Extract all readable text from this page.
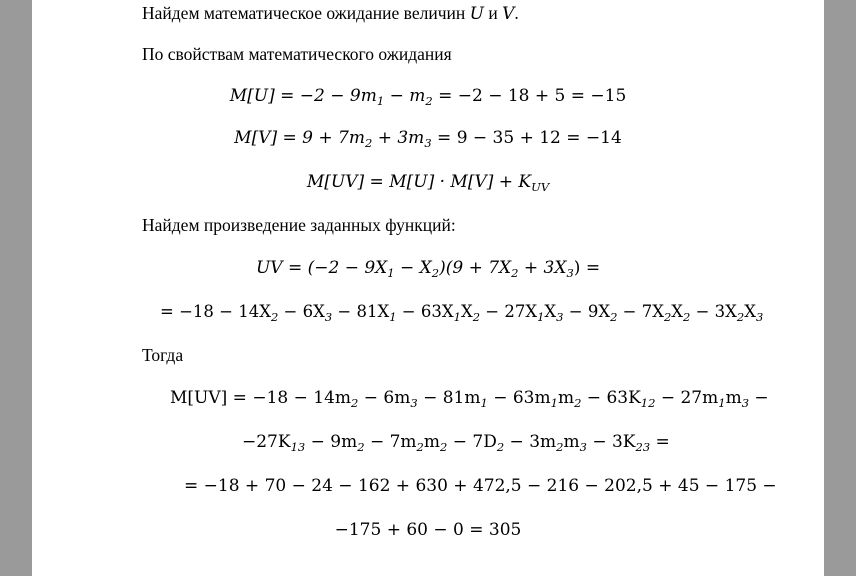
Найдем математическое ожидание величин U и V.
По свойствам математического ожидания
$M[U] = -2 - 9m_1 - m_2 = -2 - 18 + 5 = -15$
$M[V] = 9 + 7m_2 + 3m_3 = 9 - 35 + 12 = -14$
$M[UV] = M[U] \cdot M[V] + K_{UV}$
Найдем произведение заданных функций:
UV = $(-2 - 9X_1 - X_2)(9 + 7X_2 + 3X_3)$ =
= $-18 - 14X_2 - 6X_3 - 81X_1 - 63X_1X_2 - 27X_1X_3 - 9X_2 - 7X_2X_2 - 3X_2X_3$
Тогда
$M[UV] = -18 - 14m_2 - 6m_3 - 81m_1 - 63m_1m_2 - 63K_{12} - 27m_1m_3$ −
$-27K_{13} - 9m_2 - 7m_2m_2 - 7D_2 - 3m_2m_3 - 3K_{23}$ =
= −18 + 70 − 24 − 162 + 630 + 472,5 − 216 − 202,5 + 45 − 175 −
−175 + 60 − 0 = 305
